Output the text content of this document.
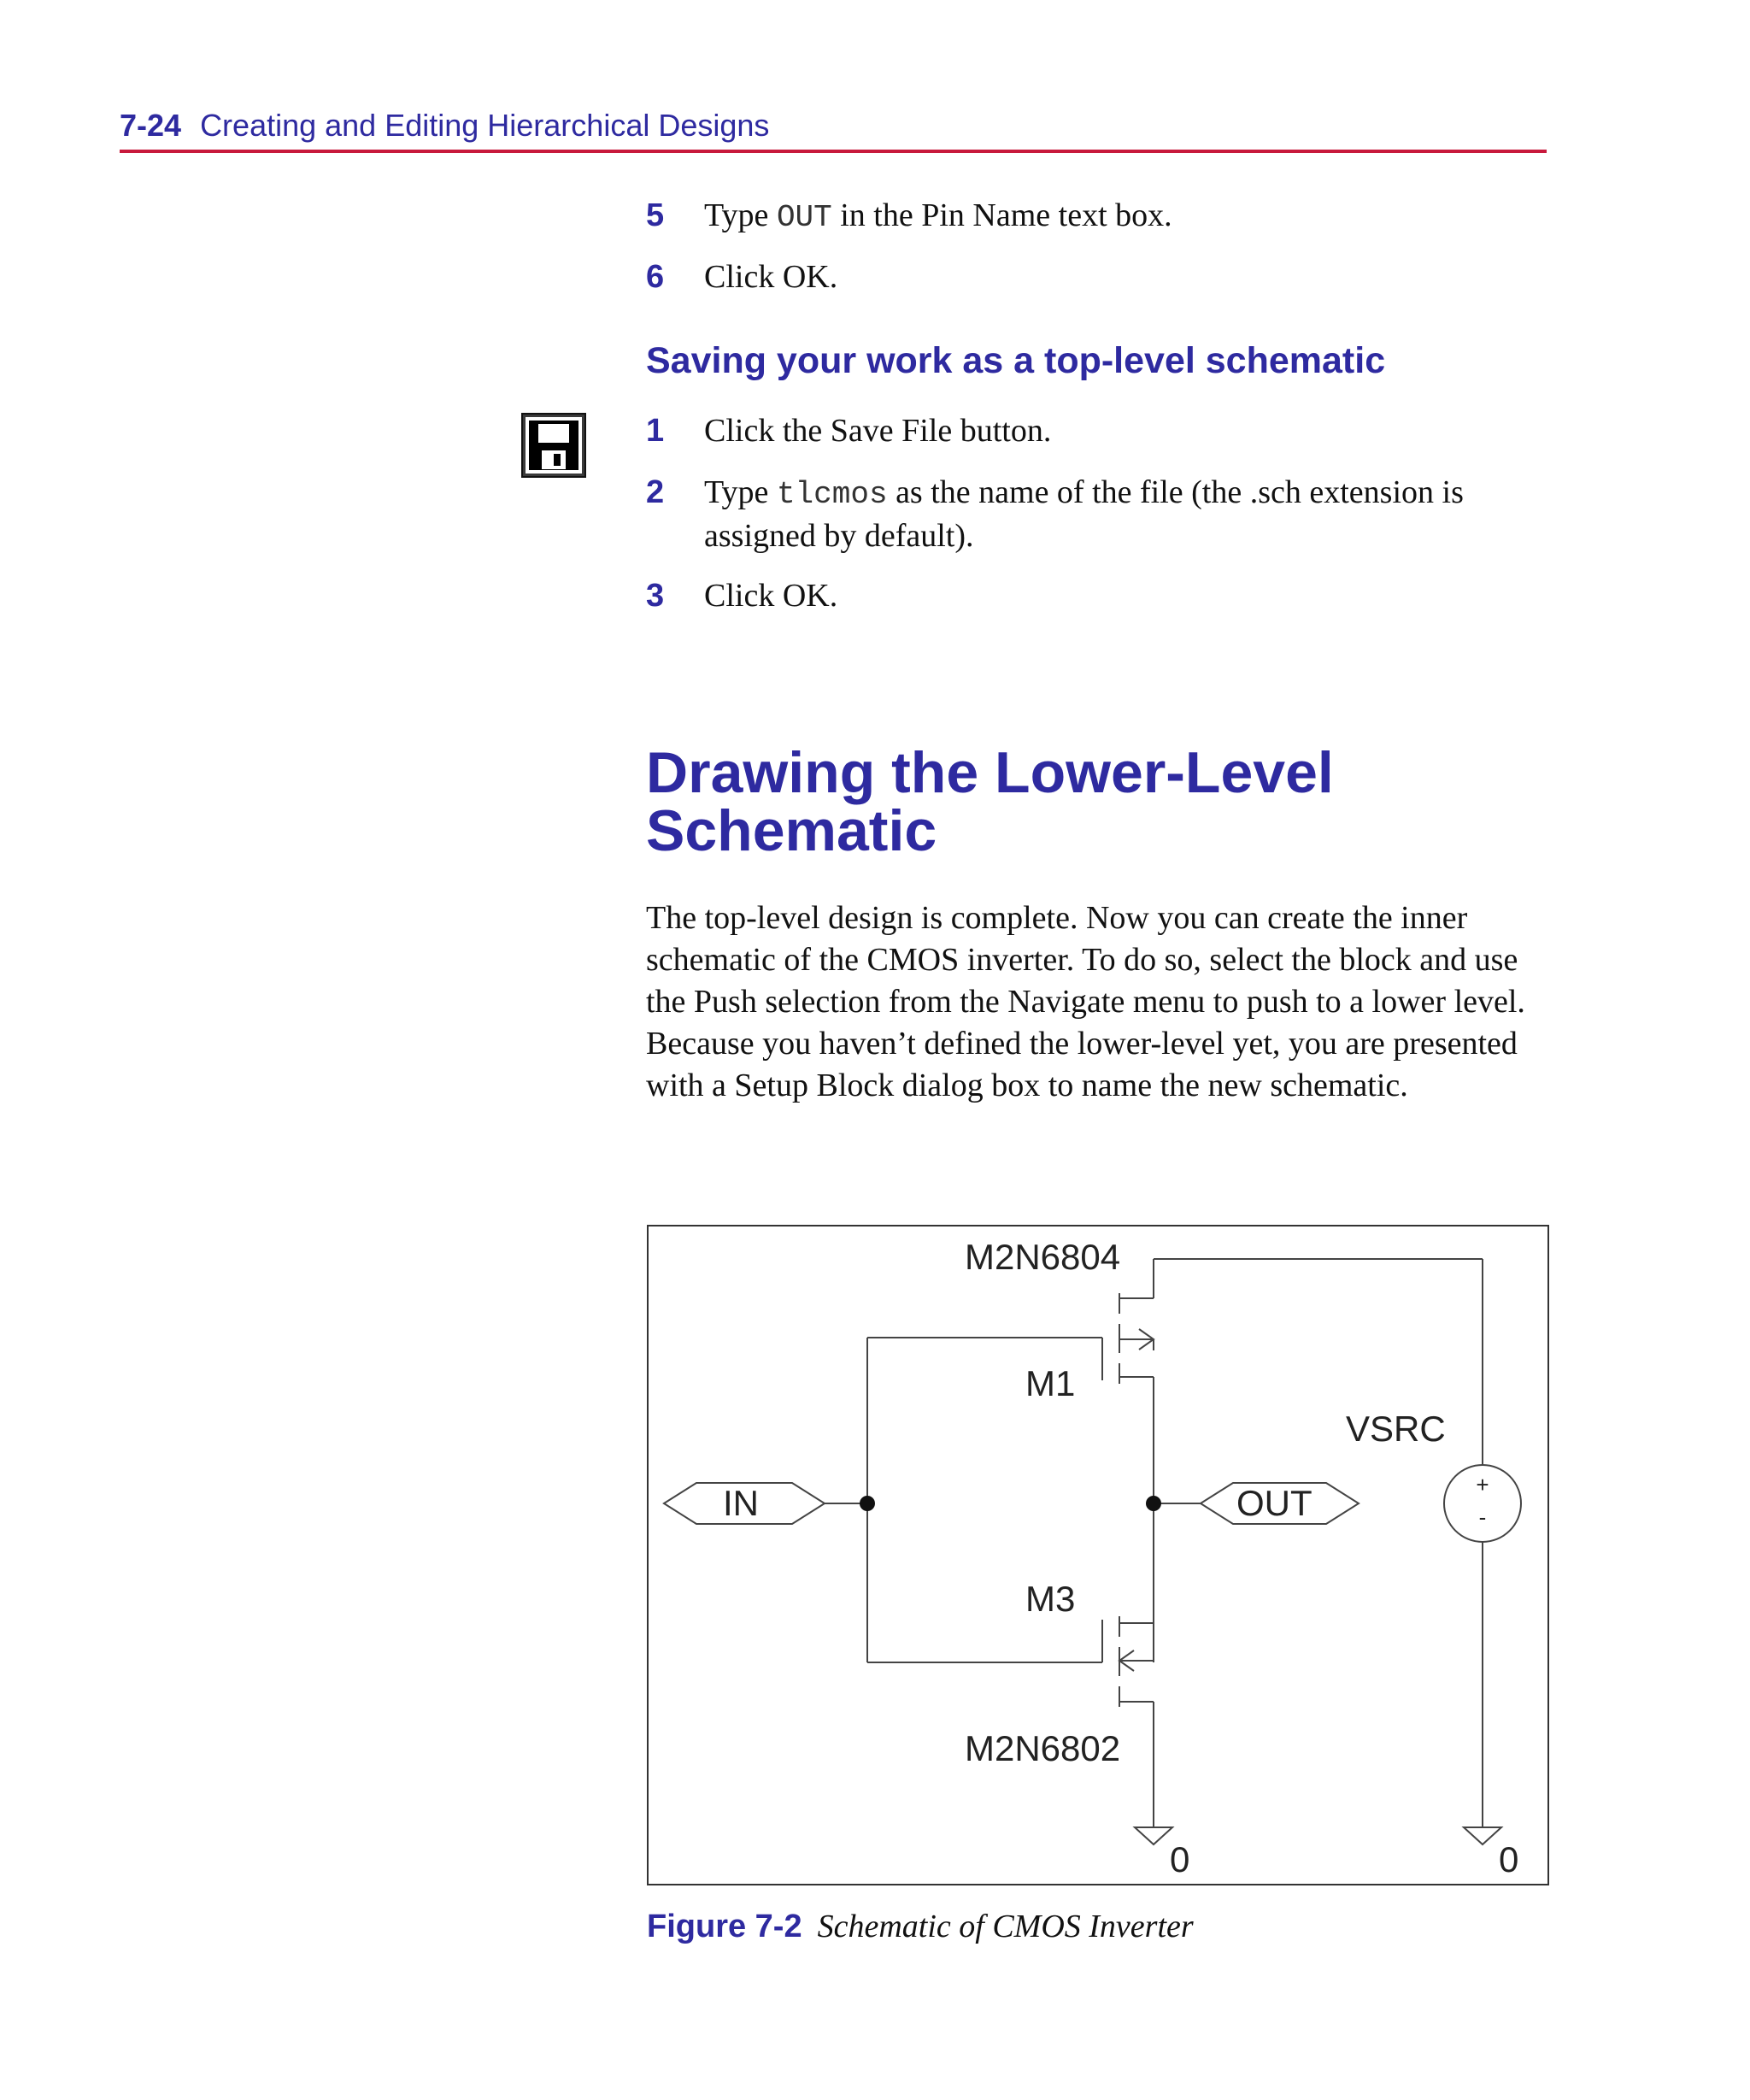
7-24 Creating and Editing Hierarchical Designs
5 Type OUT in the Pin Name text box.
6 Click OK.
Saving your work as a top-level schematic
1 Click the Save File button.
2 Type tlcmos as the name of the file (the .sch extension is assigned by default).
3 Click OK.
Drawing the Lower-Level
Schematic
The top-level design is complete. Now you can create the inner schematic of the CMOS inverter. To do so, select the block and use the Push selection from the Navigate menu to push to a lower level. Because you haven’t defined the lower-level yet, you are presented with a Setup Block dialog box to name the new schematic.
M2N6804
M1
VSRC
IN	OUT
M3
M2N6802
0	0
+
-
Figure 7-2 Schematic of CMOS Inverter
